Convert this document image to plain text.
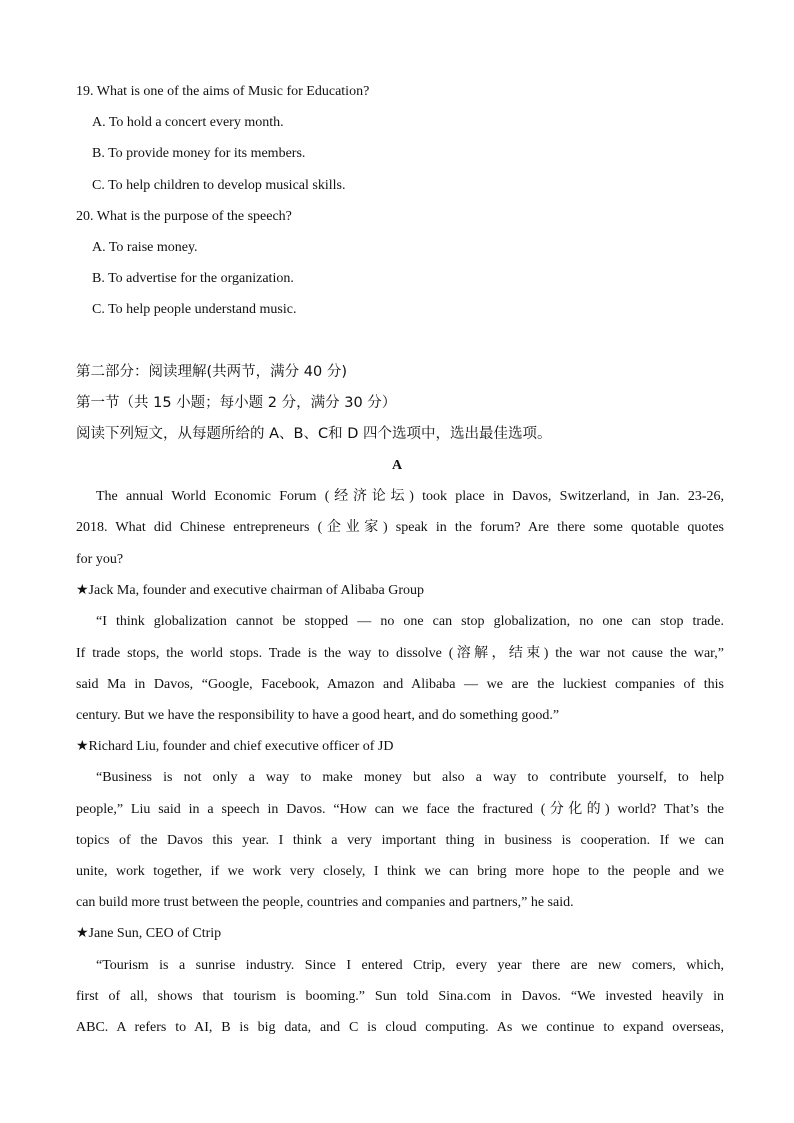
19. What is one of the aims of Music for Education?
A. To hold a concert every month.
B. To provide money for its members.
C. To help children to develop musical skills.
20. What is the purpose of the speech?
A. To raise money.
B. To advertise for the organization.
C. To help people understand music.
第二部分：阅读理解(共两节，满分 40 分)
第一节（共 15 小题；每小题 2 分，满分 30 分）
阅读下列短文，从每题所给的 A、B、C和 D 四个选项中，选出最佳选项。
A
The annual World Economic Forum (经济论坛) took place in Davos, Switzerland, in Jan. 23-26,
2018. What did Chinese entrepreneurs (企业家) speak in the forum? Are there some quotable quotes
for you?
★Jack Ma, founder and executive chairman of Alibaba Group
“I think globalization cannot be stopped — no one can stop globalization, no one can stop trade.
If trade stops, the world stops. Trade is the way to dissolve (溶解，结束) the war not cause the war,”
said Ma in Davos, “Google, Facebook, Amazon and Alibaba — we are the luckiest companies of this
century. But we have the responsibility to have a good heart, and do something good.”
★Richard Liu, founder and chief executive officer of JD
“Business is not only a way to make money but also a way to contribute yourself, to help
people,” Liu said in a speech in Davos. “How can we face the fractured (分化的) world? That’s the
topics of the Davos this year. I think a very important thing in business is cooperation. If we can
unite, work together, if we work very closely, I think we can bring more hope to the people and we
can build more trust between the people, countries and companies and partners,” he said.
★Jane Sun, CEO of Ctrip
“Tourism is a sunrise industry. Since I entered Ctrip, every year there are new comers, which,
first of all, shows that tourism is booming.” Sun told Sina.com in Davos. “We invested heavily in
ABC. A refers to AI, B is big data, and C is cloud computing. As we continue to expand overseas,
